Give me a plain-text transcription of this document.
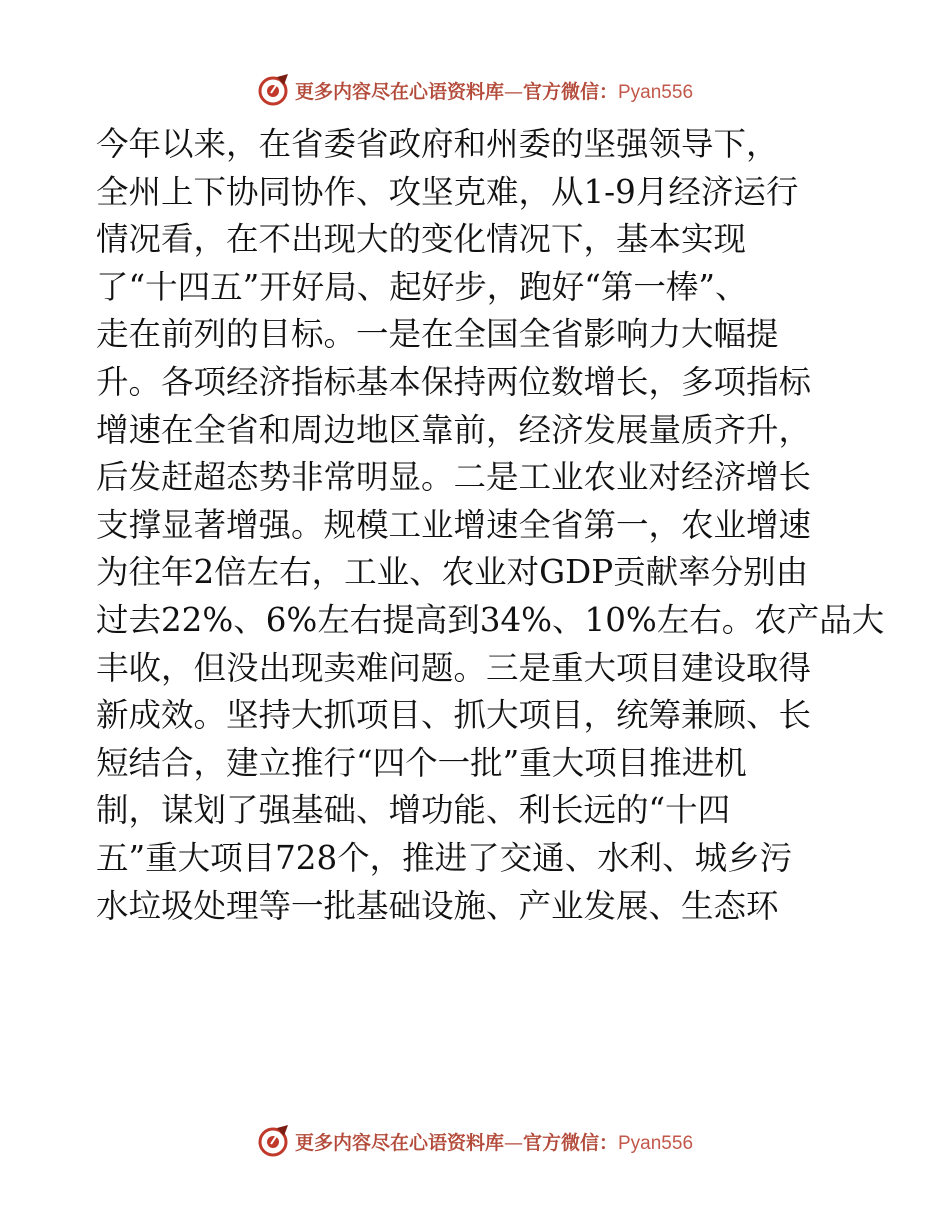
更多内容尽在心语资料库—官方微信：Pyan556
今年以来，在省委省政府和州委的坚强领导下，
全州上下协同协作、攻坚克难，从1-9月经济运行
情况看，在不出现大的变化情况下，基本实现
了“十四五”开好局、起好步，跑好“第一棒”、
走在前列的目标。一是在全国全省影响力大幅提
升。各项经济指标基本保持两位数增长，多项指标
增速在全省和周边地区靠前，经济发展量质齐升，
后发赶超态势非常明显。二是工业农业对经济增长
支撑显著增强。规模工业增速全省第一，农业增速
为往年2倍左右，工业、农业对GDP贡献率分别由
过去22%、6%左右提高到34%、10%左右。农产品大
丰收，但没出现卖难问题。三是重大项目建设取得
新成效。坚持大抓项目、抓大项目，统筹兼顾、长
短结合，建立推行“四个一批”重大项目推进机
制，谋划了强基础、增功能、利长远的“十四
五”重大项目728个，推进了交通、水利、城乡污
水垃圾处理等一批基础设施、产业发展、生态环
更多内容尽在心语资料库—官方微信：Pyan556
